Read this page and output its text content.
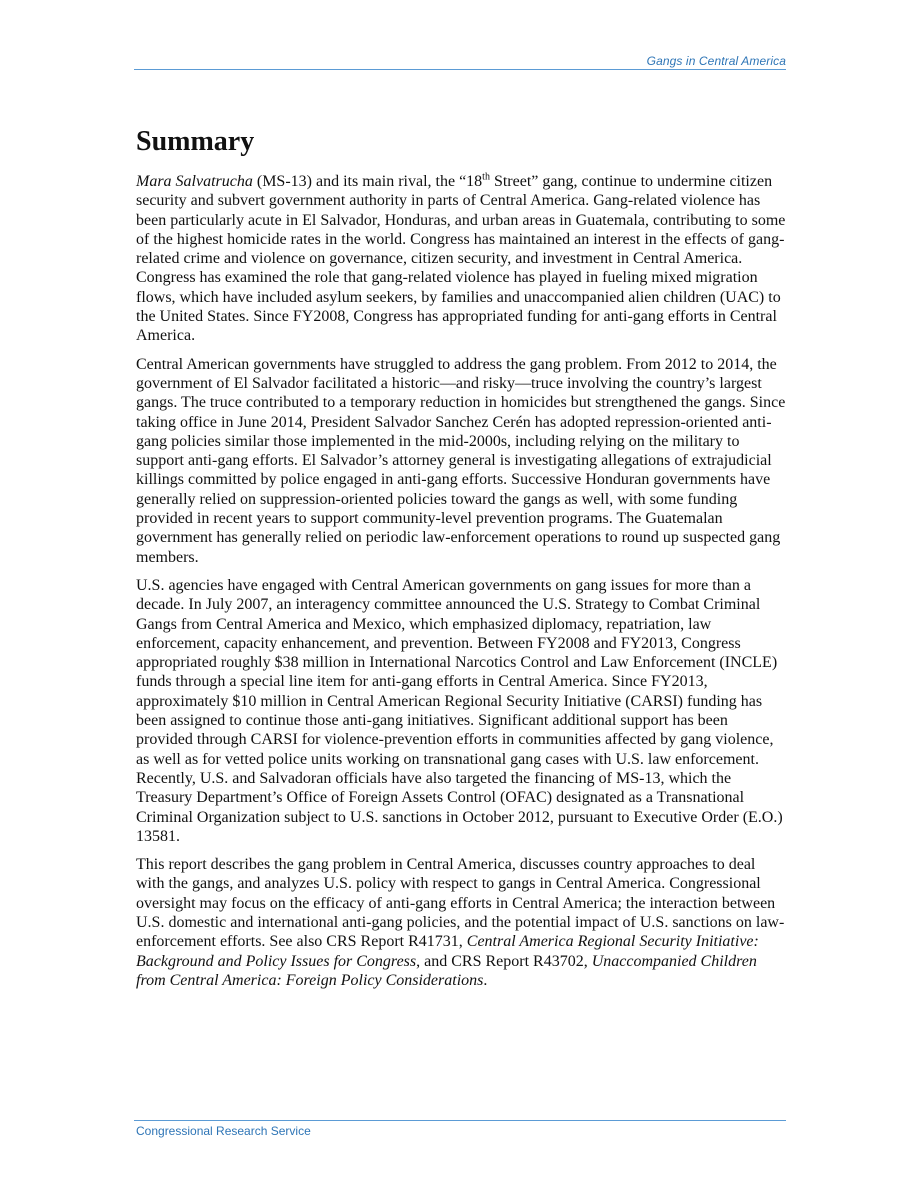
Gangs in Central America
Summary

Mara Salvatrucha (MS-13) and its main rival, the “18th Street” gang, continue to undermine citizen security and subvert government authority in parts of Central America. Gang-related violence has been particularly acute in El Salvador, Honduras, and urban areas in Guatemala, contributing to some of the highest homicide rates in the world. Congress has maintained an interest in the effects of gang-related crime and violence on governance, citizen security, and investment in Central America. Congress has examined the role that gang-related violence has played in fueling mixed migration flows, which have included asylum seekers, by families and unaccompanied alien children (UAC) to the United States. Since FY2008, Congress has appropriated funding for anti-gang efforts in Central America.

Central American governments have struggled to address the gang problem. From 2012 to 2014, the government of El Salvador facilitated a historic—and risky—truce involving the country’s largest gangs. The truce contributed to a temporary reduction in homicides but strengthened the gangs. Since taking office in June 2014, President Salvador Sanchez Cerén has adopted repression-oriented anti-gang policies similar those implemented in the mid-2000s, including relying on the military to support anti-gang efforts. El Salvador’s attorney general is investigating allegations of extrajudicial killings committed by police engaged in anti-gang efforts. Successive Honduran governments have generally relied on suppression-oriented policies toward the gangs as well, with some funding provided in recent years to support community-level prevention programs. The Guatemalan government has generally relied on periodic law-enforcement operations to round up suspected gang members.

U.S. agencies have engaged with Central American governments on gang issues for more than a decade. In July 2007, an interagency committee announced the U.S. Strategy to Combat Criminal Gangs from Central America and Mexico, which emphasized diplomacy, repatriation, law enforcement, capacity enhancement, and prevention. Between FY2008 and FY2013, Congress appropriated roughly $38 million in International Narcotics Control and Law Enforcement (INCLE) funds through a special line item for anti-gang efforts in Central America. Since FY2013, approximately $10 million in Central American Regional Security Initiative (CARSI) funding has been assigned to continue those anti-gang initiatives. Significant additional support has been provided through CARSI for violence-prevention efforts in communities affected by gang violence, as well as for vetted police units working on transnational gang cases with U.S. law enforcement. Recently, U.S. and Salvadoran officials have also targeted the financing of MS-13, which the Treasury Department’s Office of Foreign Assets Control (OFAC) designated as a Transnational Criminal Organization subject to U.S. sanctions in October 2012, pursuant to Executive Order (E.O.) 13581.

This report describes the gang problem in Central America, discusses country approaches to deal with the gangs, and analyzes U.S. policy with respect to gangs in Central America. Congressional oversight may focus on the efficacy of anti-gang efforts in Central America; the interaction between U.S. domestic and international anti-gang policies, and the potential impact of U.S. sanctions on law-enforcement efforts. See also CRS Report R41731, Central America Regional Security Initiative: Background and Policy Issues for Congress, and CRS Report R43702, Unaccompanied Children from Central America: Foreign Policy Considerations.

Congressional Research Service
